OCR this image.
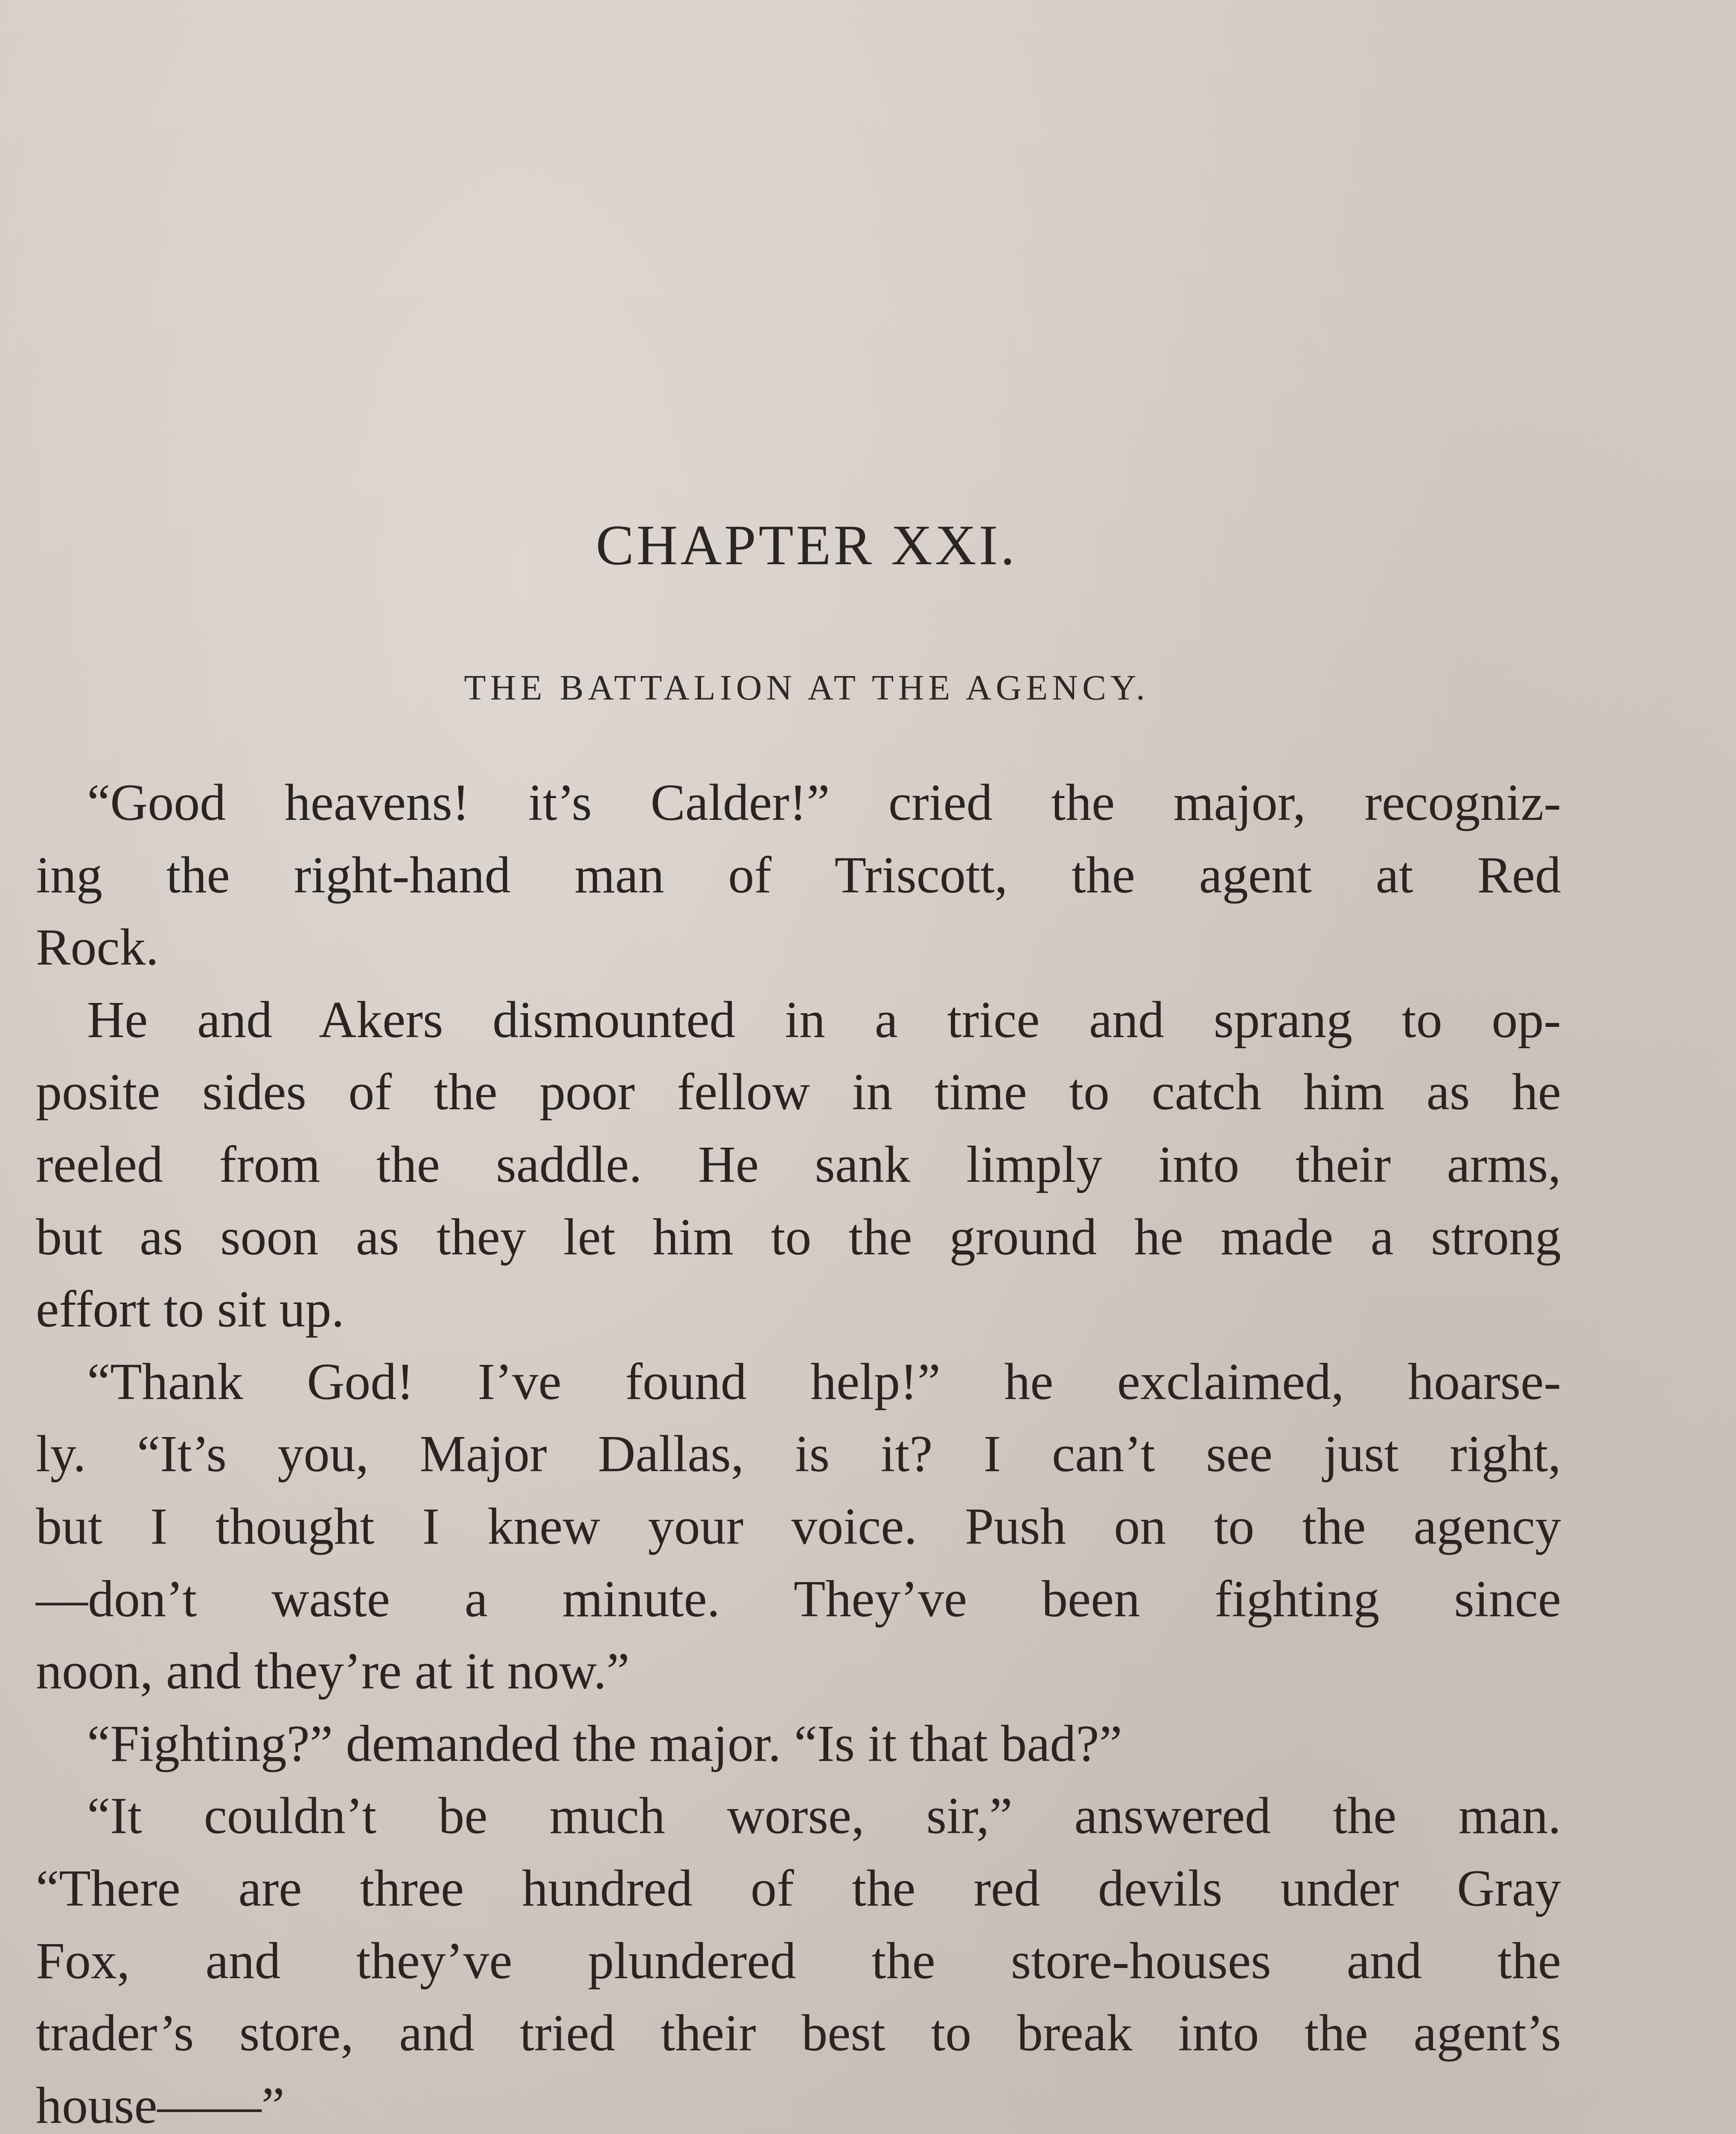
CHAPTER XXI.
THE BATTALION AT THE AGENCY.
“Good heavens! it’s Calder!” cried the major, recogniz-
ing the right-hand man of Triscott, the agent at Red
Rock.
He and Akers dismounted in a trice and sprang to op-
posite sides of the poor fellow in time to catch him as he
reeled from the saddle. He sank limply into their arms,
but as soon as they let him to the ground he made a strong
effort to sit up.
“Thank God! I’ve found help!” he exclaimed, hoarse-
ly. “It’s you, Major Dallas, is it? I can’t see just right,
but I thought I knew your voice. Push on to the agency
—don’t waste a minute. They’ve been fighting since
noon, and they’re at it now.”
“Fighting?” demanded the major. “Is it that bad?”
“It couldn’t be much worse, sir,” answered the man.
“There are three hundred of the red devils under Gray
Fox, and they’ve plundered the store-houses and the
trader’s store, and tried their best to break into the agent’s
house——”
